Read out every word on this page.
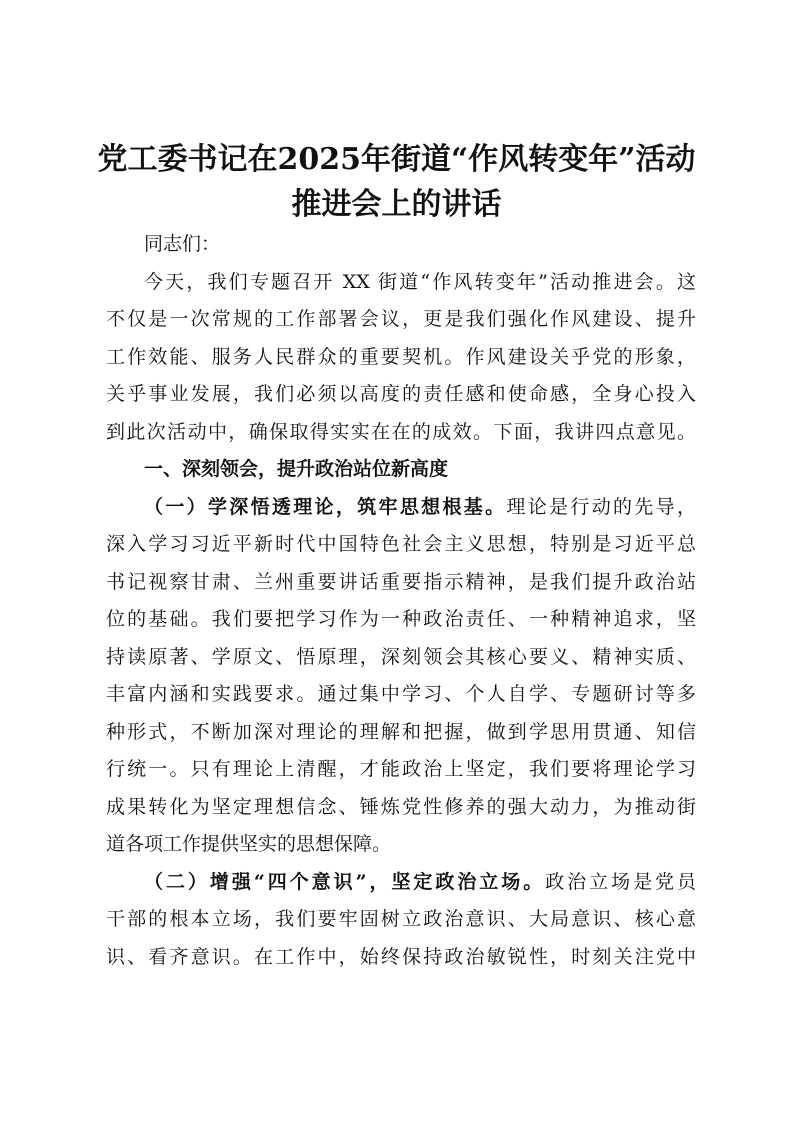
党工委书记在2025年街道“作风转变年”活动
推进会上的讲话
同志们：
今天，我们专题召开 XX 街道“作风转变年”活动推进会。这
不仅是一次常规的工作部署会议，更是我们强化作风建设、提升
工作效能、服务人民群众的重要契机。作风建设关乎党的形象，
关乎事业发展，我们必须以高度的责任感和使命感，全身心投入
到此次活动中，确保取得实实在在的成效。下面，我讲四点意见。
一、深刻领会，提升政治站位新高度
（一）学深悟透理论，筑牢思想根基。理论是行动的先导，
深入学习习近平新时代中国特色社会主义思想，特别是习近平总
书记视察甘肃、兰州重要讲话重要指示精神，是我们提升政治站
位的基础。我们要把学习作为一种政治责任、一种精神追求，坚
持读原著、学原文、悟原理，深刻领会其核心要义、精神实质、
丰富内涵和实践要求。通过集中学习、个人自学、专题研讨等多
种形式，不断加深对理论的理解和把握，做到学思用贯通、知信
行统一。只有理论上清醒，才能政治上坚定，我们要将理论学习
成果转化为坚定理想信念、锤炼党性修养的强大动力，为推动街
道各项工作提供坚实的思想保障。
（二）增强“四个意识”，坚定政治立场。政治立场是党员
干部的根本立场，我们要牢固树立政治意识、大局意识、核心意
识、看齐意识。在工作中，始终保持政治敏锐性，时刻关注党中
